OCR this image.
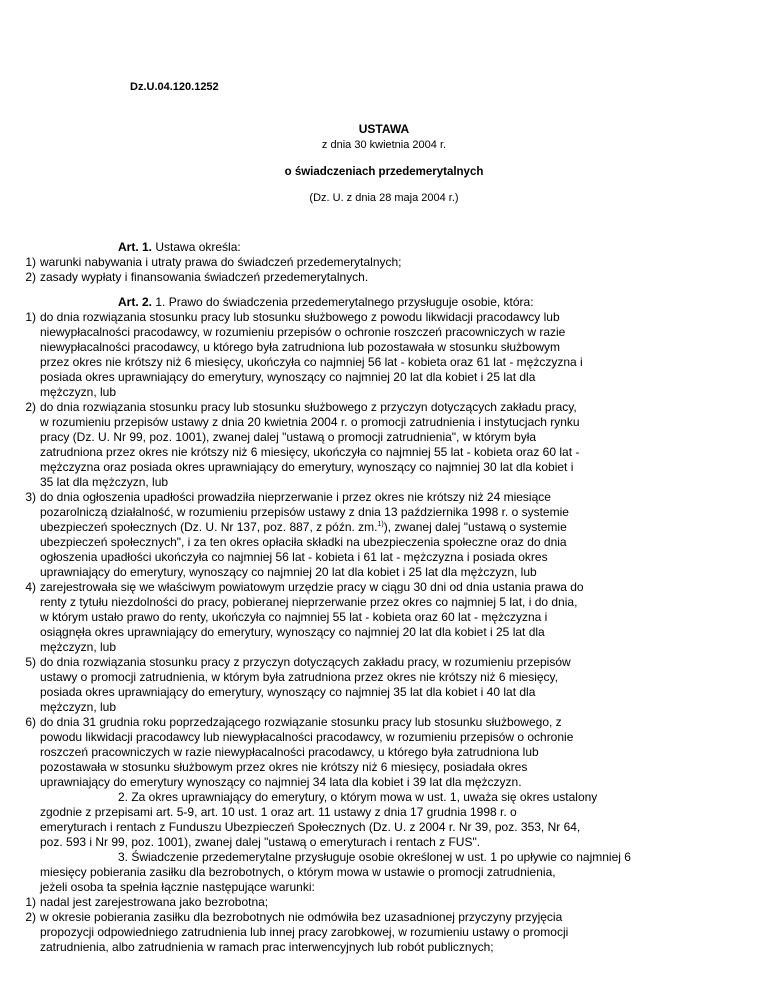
Dz.U.04.120.1252
USTAWA
z dnia 30 kwietnia 2004 r.
o świadczeniach przedemerytalnych
(Dz. U. z dnia 28 maja 2004 r.)
Art. 1. Ustawa określa:
1) warunki nabywania i utraty prawa do świadczeń przedemerytalnych;
2) zasady wypłaty i finansowania świadczeń przedemerytalnych.
Art. 2. 1. Prawo do świadczenia przedemerytalnego przysługuje osobie, która:
1) do dnia rozwiązania stosunku pracy lub stosunku służbowego z powodu likwidacji pracodawcy lub
niewypłacalności pracodawcy, w rozumieniu przepisów o ochronie roszczeń pracowniczych w razie
niewypłacalności pracodawcy, u którego była zatrudniona lub pozostawała w stosunku służbowym
przez okres nie krótszy niż 6 miesięcy, ukończyła co najmniej 56 lat - kobieta oraz 61 lat - mężczyzna i
posiada okres uprawniający do emerytury, wynoszący co najmniej 20 lat dla kobiet i 25 lat dla
mężczyzn, lub
2) do dnia rozwiązania stosunku pracy lub stosunku służbowego z przyczyn dotyczących zakładu pracy,
w rozumieniu przepisów ustawy z dnia 20 kwietnia 2004 r. o promocji zatrudnienia i instytucjach rynku
pracy (Dz. U. Nr 99, poz. 1001), zwanej dalej "ustawą o promocji zatrudnienia", w którym była
zatrudniona przez okres nie krótszy niż 6 miesięcy, ukończyła co najmniej 55 lat - kobieta oraz 60 lat -
mężczyzna oraz posiada okres uprawniający do emerytury, wynoszący co najmniej 30 lat dla kobiet i
35 lat dla mężczyzn, lub
3) do dnia ogłoszenia upadłości prowadziła nieprzerwanie i przez okres nie krótszy niż 24 miesiące
pozarolniczą działalność, w rozumieniu przepisów ustawy z dnia 13 października 1998 r. o systemie
ubezpieczeń społecznych (Dz. U. Nr 137, poz. 887, z późn. zm.$^{1)}$), zwanej dalej "ustawą o systemie
ubezpieczeń społecznych", i za ten okres opłaciła składki na ubezpieczenia społeczne oraz do dnia
ogłoszenia upadłości ukończyła co najmniej 56 lat - kobieta i 61 lat - mężczyzna i posiada okres
uprawniający do emerytury, wynoszący co najmniej 20 lat dla kobiet i 25 lat dla mężczyzn, lub
4) zarejestrowała się we właściwym powiatowym urzędzie pracy w ciągu 30 dni od dnia ustania prawa do
renty z tytułu niezdolności do pracy, pobieranej nieprzerwanie przez okres co najmniej 5 lat, i do dnia,
w którym ustało prawo do renty, ukończyła co najmniej 55 lat - kobieta oraz 60 lat - mężczyzna i
osiągnęła okres uprawniający do emerytury, wynoszący co najmniej 20 lat dla kobiet i 25 lat dla
mężczyzn, lub
5) do dnia rozwiązania stosunku pracy z przyczyn dotyczących zakładu pracy, w rozumieniu przepisów
ustawy o promocji zatrudnienia, w którym była zatrudniona przez okres nie krótszy niż 6 miesięcy,
posiada okres uprawniający do emerytury, wynoszący co najmniej 35 lat dla kobiet i 40 lat dla
mężczyzn, lub
6) do dnia 31 grudnia roku poprzedzającego rozwiązanie stosunku pracy lub stosunku służbowego, z
powodu likwidacji pracodawcy lub niewypłacalności pracodawcy, w rozumieniu przepisów o ochronie
roszczeń pracowniczych w razie niewypłacalności pracodawcy, u którego była zatrudniona lub
pozostawała w stosunku służbowym przez okres nie krótszy niż 6 miesięcy, posiadała okres
uprawniający do emerytury wynoszący co najmniej 34 lata dla kobiet i 39 lat dla mężczyzn.
2. Za okres uprawniający do emerytury, o którym mowa w ust. 1, uważa się okres ustalony
zgodnie z przepisami art. 5-9, art. 10 ust. 1 oraz art. 11 ustawy z dnia 17 grudnia 1998 r. o
emeryturach i rentach z Funduszu Ubezpieczeń Społecznych (Dz. U. z 2004 r. Nr 39, poz. 353, Nr 64,
poz. 593 i Nr 99, poz. 1001), zwanej dalej "ustawą o emeryturach i rentach z FUS".
3. Świadczenie przedemerytalne przysługuje osobie określonej w ust. 1 po upływie co najmniej 6
miesięcy pobierania zasiłku dla bezrobotnych, o którym mowa w ustawie o promocji zatrudnienia,
jeżeli osoba ta spełnia łącznie następujące warunki:
1) nadal jest zarejestrowana jako bezrobotna;
2) w okresie pobierania zasiłku dla bezrobotnych nie odmówiła bez uzasadnionej przyczyny przyjęcia
propozycji odpowiedniego zatrudnienia lub innej pracy zarobkowej, w rozumieniu ustawy o promocji
zatrudnienia, albo zatrudnienia w ramach prac interwencyjnych lub robót publicznych;
